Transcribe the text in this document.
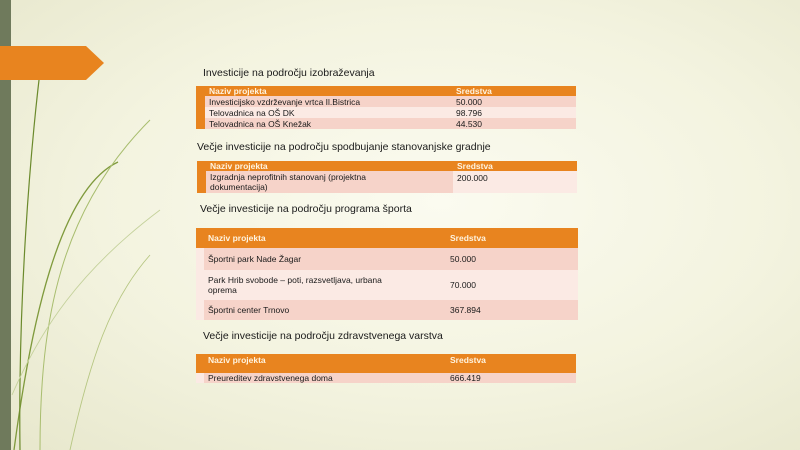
Investicije na področju izobraževanja
	Naziv projekta	Sredstva
	Investicijsko vzdrževanje vrtca Il.Bistrica	50.000
	Telovadnica na OŠ DK	98.796
	Telovadnica na OŠ Knežak	44.530
Večje investicije na področju spodbujanje stanovanjske gradnje
	Naziv projekta	Sredstva
	Izgradnja neprofitnih stanovanj (projektna
dokumentacija)	200.000
Večje investicije na področju programa športa
	Naziv projekta	Sredstva
	Športni park Nade Žagar	50.000
	Park Hrib svobode – poti, razsvetljava, urbana
oprema	70.000
	Športni center Trnovo	367.894
Večje investicije na področju zdravstvenega varstva
	Naziv projekta	Sredstva
	Preureditev zdravstvenega doma	666.419
